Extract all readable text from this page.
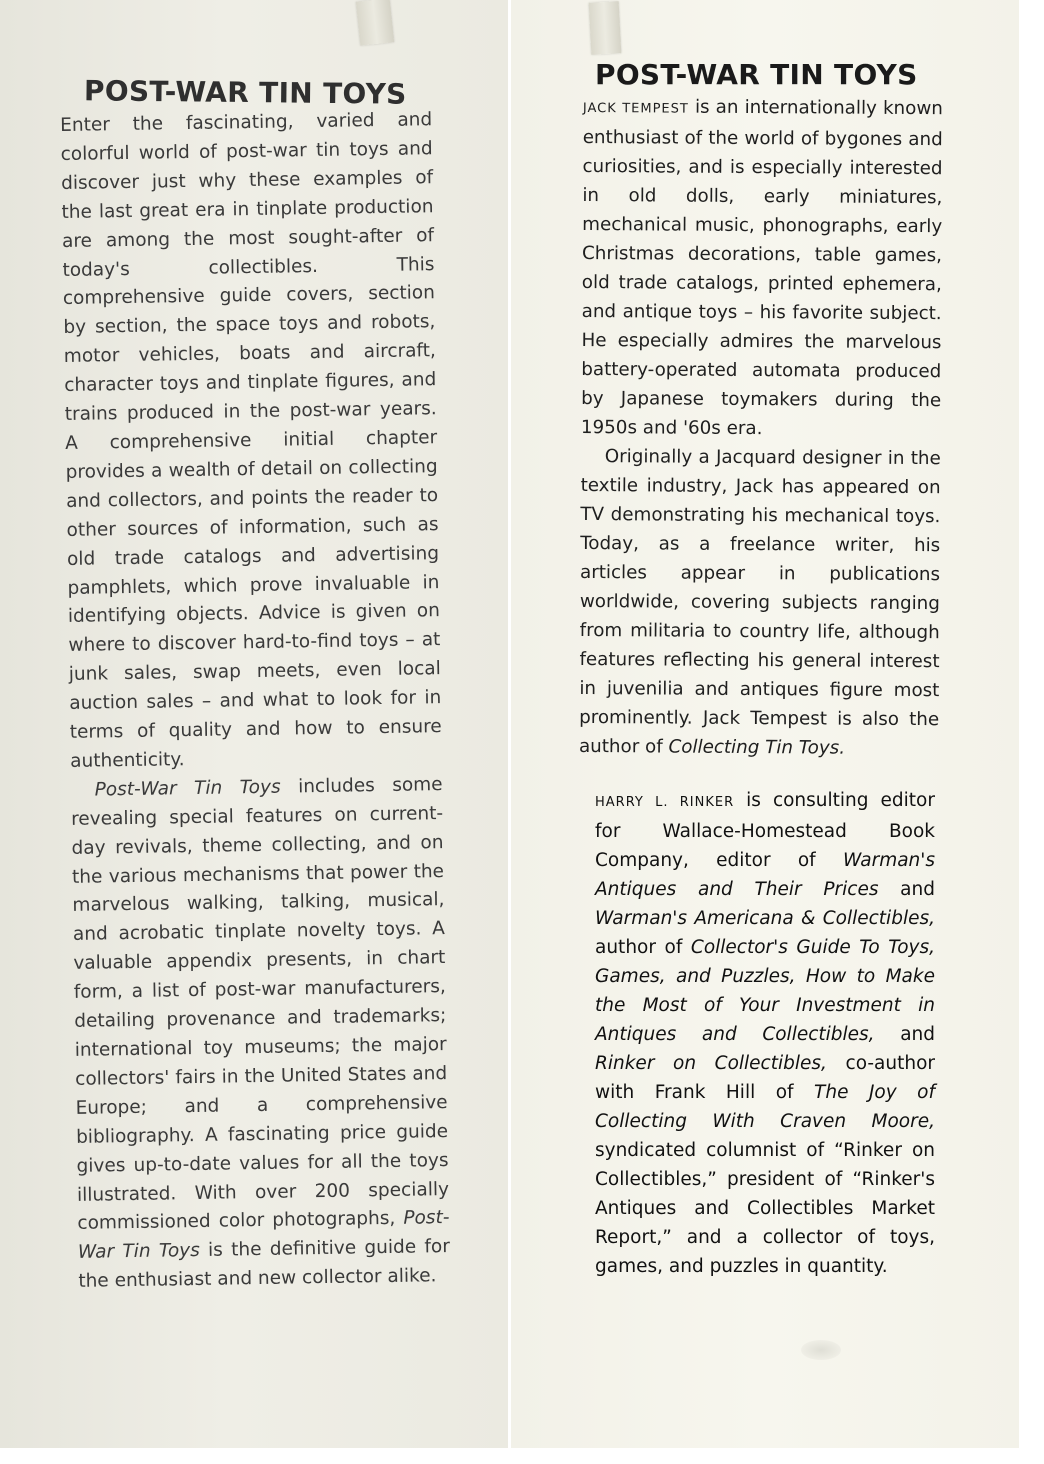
POST-WAR TIN TOYS

Enter the fascinating, varied and colorful world of post-war tin toys and discover just why these examples of the last great era in tinplate production are among the most sought-after of today's collectibles. This comprehensive guide covers, section by section, the space toys and robots, motor vehicles, boats and aircraft, character toys and tinplate figures, and trains produced in the post-war years. A comprehensive initial chapter provides a wealth of detail on collecting and collectors, and points the reader to other sources of information, such as old trade catalogs and advertising pamphlets, which prove invaluable in identifying objects. Advice is given on where to discover hard-to-find toys – at junk sales, swap meets, even local auction sales – and what to look for in terms of quality and how to ensure authenticity.

Post-War Tin Toys includes some revealing special features on current-day revivals, theme collecting, and on the various mechanisms that power the marvelous walking, talking, musical, and acrobatic tinplate novelty toys. A valuable appendix presents, in chart form, a list of post-war manufacturers, detailing provenance and trademarks; international toy museums; the major collectors' fairs in the United States and Europe; and a comprehensive bibliography. A fascinating price guide gives up-to-date values for all the toys illustrated. With over 200 specially commissioned color photographs, Post-War Tin Toys is the definitive guide for the enthusiast and new collector alike.

POST-WAR TIN TOYS

JACK TEMPEST is an internationally known enthusiast of the world of bygones and curiosities, and is especially interested in old dolls, early miniatures, mechanical music, phonographs, early Christmas decorations, table games, old trade catalogs, printed ephemera, and antique toys – his favorite subject. He especially admires the marvelous battery-operated automata produced by Japanese toymakers during the 1950s and '60s era.

Originally a Jacquard designer in the textile industry, Jack has appeared on TV demonstrating his mechanical toys. Today, as a freelance writer, his articles appear in publications worldwide, covering subjects ranging from militaria to country life, although features reflecting his general interest in juvenilia and antiques figure most prominently. Jack Tempest is also the author of Collecting Tin Toys.

HARRY L. RINKER is consulting editor for Wallace-Homestead Book Company, editor of Warman's Antiques and Their Prices and Warman's Americana & Collectibles, author of Collector's Guide To Toys, Games, and Puzzles, How to Make the Most of Your Investment in Antiques and Collectibles, and Rinker on Collectibles, co-author with Frank Hill of The Joy of Collecting With Craven Moore, syndicated columnist of “Rinker on Collectibles,” president of “Rinker's Antiques and Collectibles Market Report,” and a collector of toys, games, and puzzles in quantity.
